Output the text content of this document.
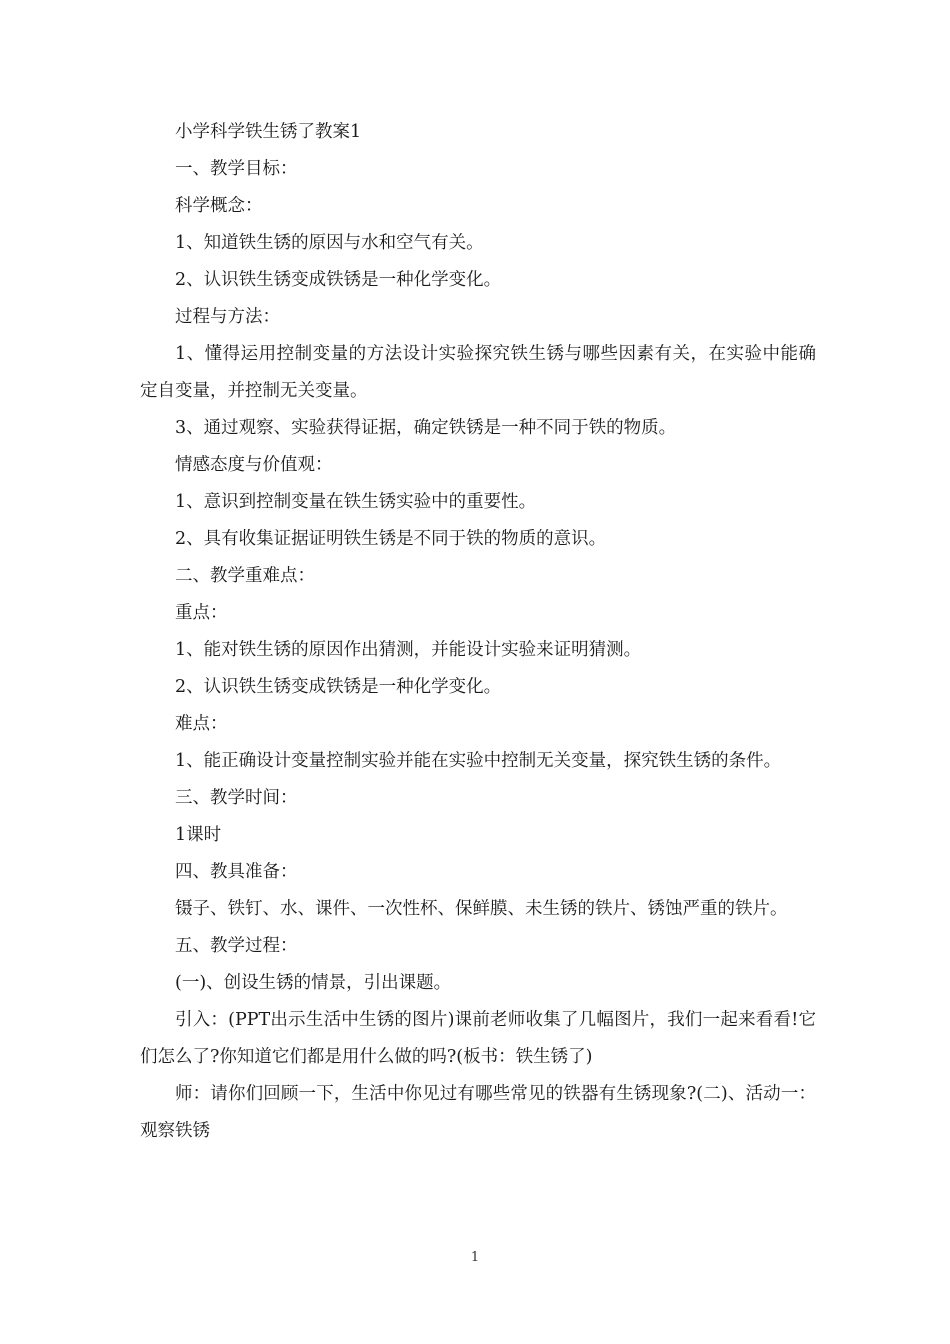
小学科学铁生锈了教案1

一、教学目标：

科学概念：

1、知道铁生锈的原因与水和空气有关。

2、认识铁生锈变成铁锈是一种化学变化。

过程与方法：

1、懂得运用控制变量的方法设计实验探究铁生锈与哪些因素有关，在实验中能确定自变量，并控制无关变量。

3、通过观察、实验获得证据，确定铁锈是一种不同于铁的物质。

情感态度与价值观：

1、意识到控制变量在铁生锈实验中的重要性。

2、具有收集证据证明铁生锈是不同于铁的物质的意识。

二、教学重难点：

重点：

1、能对铁生锈的原因作出猜测，并能设计实验来证明猜测。

2、认识铁生锈变成铁锈是一种化学变化。

难点：

1、能正确设计变量控制实验并能在实验中控制无关变量，探究铁生锈的条件。

三、教学时间：

1课时

四、教具准备：

镊子、铁钉、水、课件、一次性杯、保鲜膜、未生锈的铁片、锈蚀严重的铁片。

五、教学过程：

(一)、创设生锈的情景，引出课题。

引入：(PPT出示生活中生锈的图片)课前老师收集了几幅图片，我们一起来看看!它们怎么了?你知道它们都是用什么做的吗?(板书：铁生锈了)

师：请你们回顾一下，生活中你见过有哪些常见的铁器有生锈现象?(二)、活动一：观察铁锈

1
